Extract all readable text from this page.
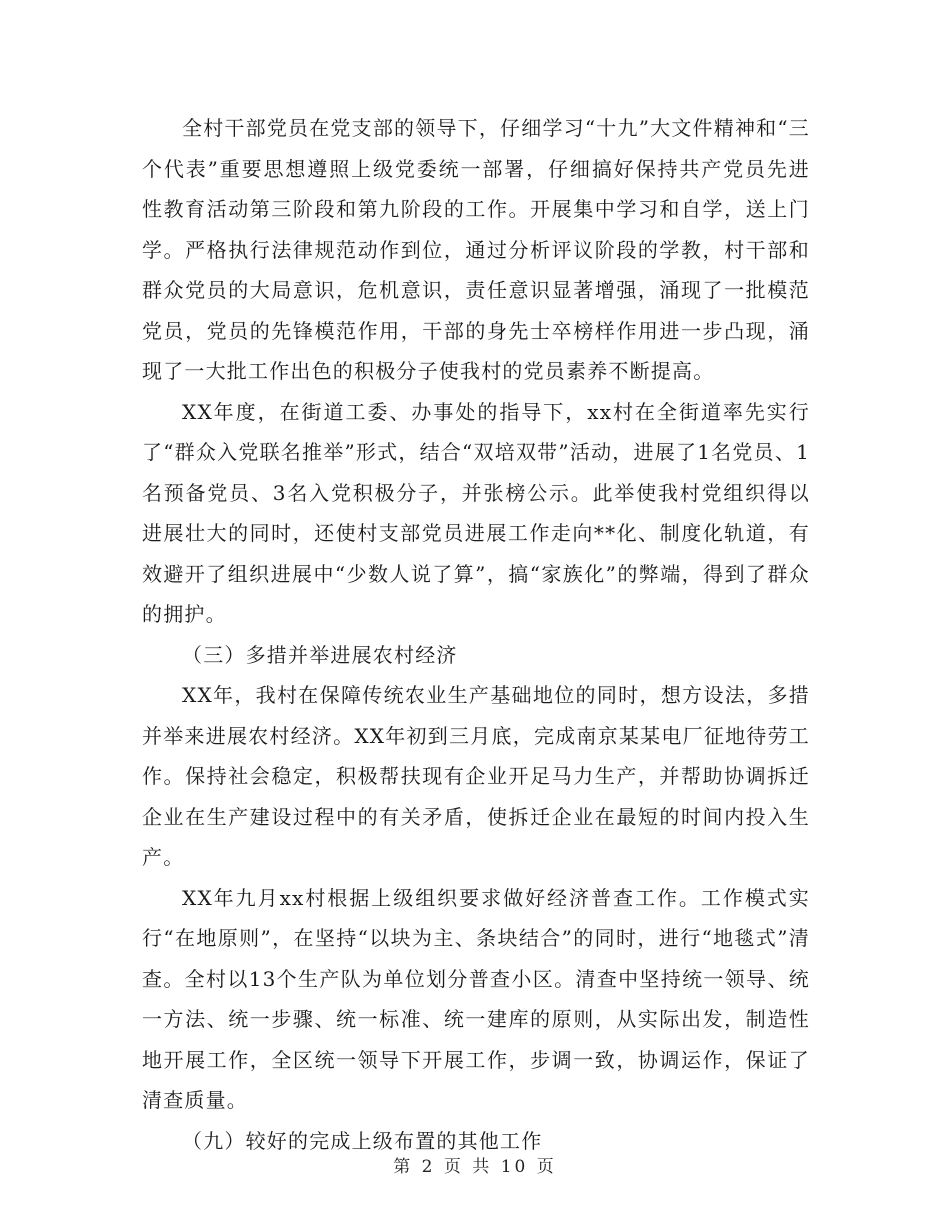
全村干部党员在党支部的领导下，仔细学习“十九”大文件精神和“三个代表”重要思想遵照上级党委统一部署，仔细搞好保持共产党员先进性教育活动第三阶段和第九阶段的工作。开展集中学习和自学，送上门学。严格执行法律规范动作到位，通过分析评议阶段的学教，村干部和群众党员的大局意识，危机意识，责任意识显著增强，涌现了一批模范党员，党员的先锋模范作用，干部的身先士卒榜样作用进一步凸现，涌现了一大批工作出色的积极分子使我村的党员素养不断提高。

XX年度，在街道工委、办事处的指导下，xx村在全街道率先实行了“群众入党联名推举”形式，结合“双培双带”活动，进展了1名党员、1名预备党员、3名入党积极分子，并张榜公示。此举使我村党组织得以进展壮大的同时，还使村支部党员进展工作走向**化、制度化轨道，有效避开了组织进展中“少数人说了算”，搞“家族化”的弊端，得到了群众的拥护。

（三）多措并举进展农村经济

XX年，我村在保障传统农业生产基础地位的同时，想方设法，多措并举来进展农村经济。XX年初到三月底，完成南京某某电厂征地待劳工作。保持社会稳定，积极帮扶现有企业开足马力生产，并帮助协调拆迁企业在生产建设过程中的有关矛盾，使拆迁企业在最短的时间内投入生产。

XX年九月xx村根据上级组织要求做好经济普查工作。工作模式实行“在地原则”，在坚持“以块为主、条块结合”的同时，进行“地毯式”清查。全村以13个生产队为单位划分普查小区。清查中坚持统一领导、统一方法、统一步骤、统一标准、统一建库的原则，从实际出发，制造性地开展工作，全区统一领导下开展工作，步调一致，协调运作，保证了清查质量。

（九）较好的完成上级布置的其他工作

第 2 页 共 10 页
